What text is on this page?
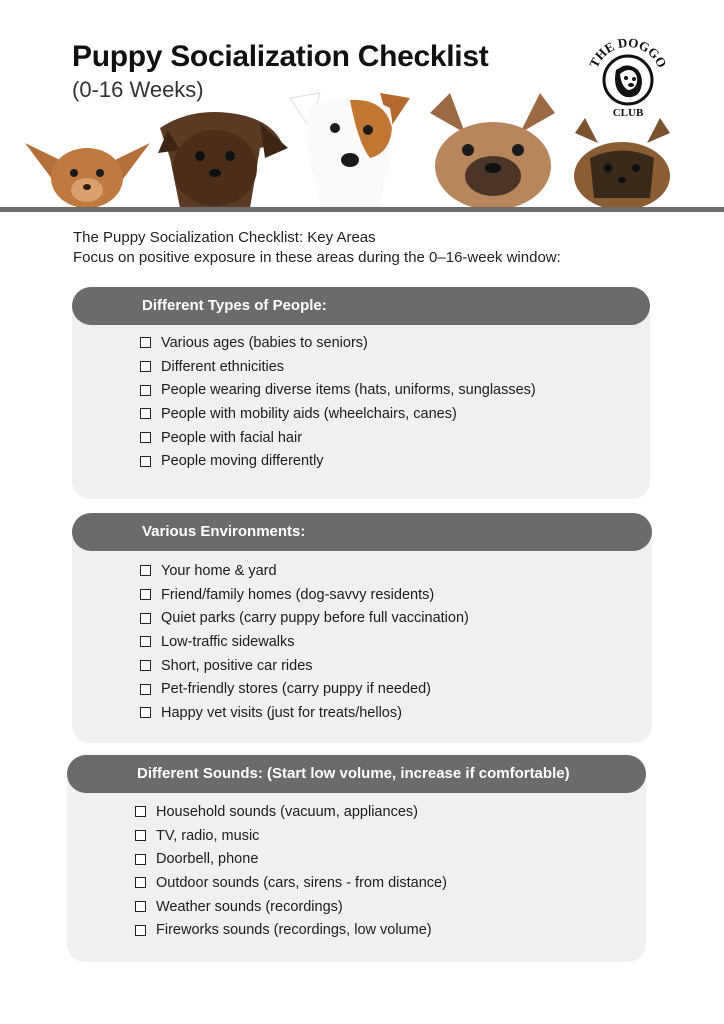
Puppy Socialization Checklist
(0-16 Weeks)
THE DOGGO
CLUB
The Puppy Socialization Checklist: Key Areas
Focus on positive exposure in these areas during the 0–16-week window:
Different Types of People:
Various ages (babies to seniors)
Different ethnicities
People wearing diverse items (hats, uniforms, sunglasses)
People with mobility aids (wheelchairs, canes)
People with facial hair
People moving differently
Various Environments:
Your home & yard
Friend/family homes (dog-savvy residents)
Quiet parks (carry puppy before full vaccination)
Low-traffic sidewalks
Short, positive car rides
Pet-friendly stores (carry puppy if needed)
Happy vet visits (just for treats/hellos)
Different Sounds: (Start low volume, increase if comfortable)
Household sounds (vacuum, appliances)
TV, radio, music
Doorbell, phone
Outdoor sounds (cars, sirens - from distance)
Weather sounds (recordings)
Fireworks sounds (recordings, low volume)
